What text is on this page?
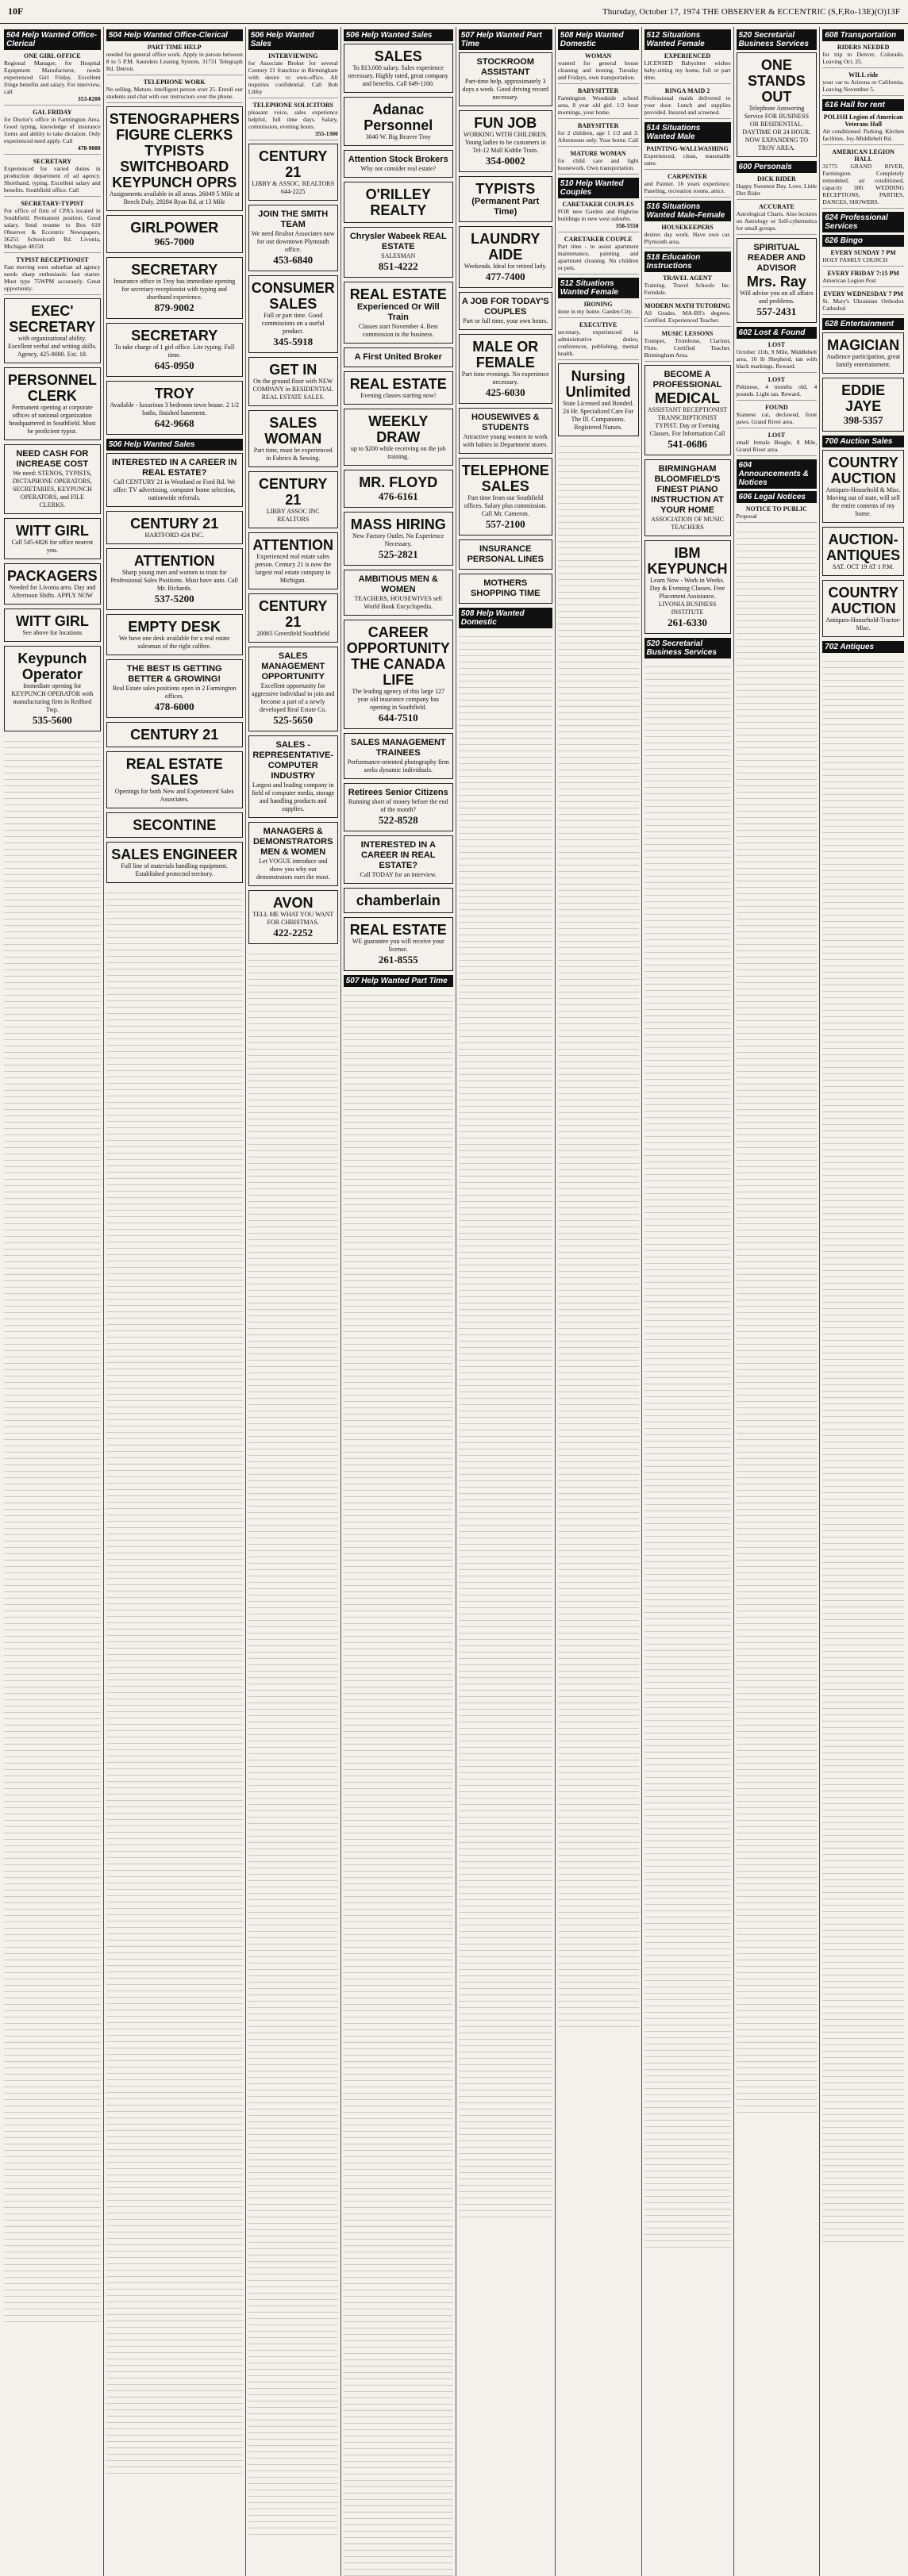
10F	Thursday, October 17, 1974 THE OBSERVER & ECCENTRIC (S,F,Ro-13E)(O)13F
504 Help Wanted Office-Clerical
ONE GIRL OFFICE
Regional Manager, for Hospital Equipment Manufacturer, needs experienced Girl Friday. Excellent fringe benefits and salary. For interview, call
353-8200
GAL FRIDAY
for Doctor's office in Farmington Area. Good typing, knowledge of insurance forms and ability to take dictation. Only experienced need apply. Call
478-9080
SECRETARY
Experienced for varied duties in production department of ad agency. Shorthand, typing. Excellent salary and benefits. Southfield office. Call
SECRETARY-TYPIST
For office of firm of CPA's located in Southfield. Permanent position. Good salary. Send resume to Box 618 Observer & Eccentric Newspapers, 36251 Schoolcraft Rd. Livonia, Michigan 48150.
TYPIST RECEPTIONIST
Fast moving west suburban ad agency needs sharp enthusiastic fast starter. Must type 75WPM accurately. Great opportunity.
EXEC' SECRETARY
with organizational ability. Excellent verbal and writing skills. Agency, 425-8000. Ext. 18.
PERSONNEL CLERK
Permanent opening at corporate offices of national organization headquartered in Southfield. Must be proficient typist.
NEED CASH FOR INCREASE COST
We need: STENOS, TYPISTS, DICTAPHONE OPERATORS, SECRETARIES, KEYPUNCH OPERATORS, and FILE CLERKS.
WITT GIRL
Call 545-6826 for office nearest you.
PACKAGERS
Needed for Livonia area. Day and Afternoon Shifts. APPLY NOW
WITT GIRL
See above for locations
Keypunch Operator
Immediate opening for KEYPUNCH OPERATOR with manufacturing firm in Redford Twp.
535-5600
504 Help Wanted Office-Clerical
PART TIME HELP
needed for general office work. Apply in person between 8 to 5 P.M. Saunders Leasing System, 31731 Telegraph Rd. Detroit.
TELEPHONE WORK
No selling. Mature, intelligent person over 25. Enroll our students and chat with our instructors over the phone.
STENOGRAPHERS
FIGURE CLERKS
TYPISTS
SWITCHBOARD
KEYPUNCH OPRS
Assignments available in all areas. 26049 5 Mile at Beech Daly. 29284 Ryan Rd. at 13 Mile
GIRLPOWER
965-7000
SECRETARY
Insurance office in Troy has immediate opening for secretary-receptionist with typing and shorthand experience.
879-9002
SECRETARY
To take charge of 1 girl office. Lite typing. Full time.
645-0950
TROY
Available - luxurious 3 bedroom town house. 2 1/2 baths, finished basement.
642-9668
506 Help Wanted Sales
INTERESTED IN A CAREER IN REAL ESTATE?
Call CENTURY 21 in Westland or Ford Rd. We offer: TV advertising, computer home selection, nationwide referrals.
CENTURY 21
HARTFORD 424 INC.
ATTENTION
Sharp young men and women to train for Professional Sales Positions. Must have auto. Call Mr. Richards.
537-5200
EMPTY DESK
We have one desk available for a real estate salesman of the right calibre.
THE BEST IS GETTING BETTER & GROWING!
Real Estate sales positions open in 2 Farmington offices.
478-6000
CENTURY 21
REAL ESTATE SALES
Openings for both New and Experienced Sales Associates.
SECONTINE
SALES ENGINEER
Full line of materials handling equipment. Established protected territory.
506 Help Wanted Sales
INTERVIEWING
for Associate Broker for several Century 21 franchise in Birmingham with desire to own-office. All inquiries confidential. Call Bob Libby
TELEPHONE SOLICITORS
pleasant voice, sales experience helpful, full time days. Salary, commission, evening hours.
355-1300
CENTURY 21
LIBBY & ASSOC. REALTORS 644-2225
JOIN THE SMITH TEAM
We need Realtor Associates now for our downtown Plymouth office.
453-6840
CONSUMER SALES
Full or part time. Good commissions on a useful product.
345-5918
GET IN
On the ground floor with NEW COMPANY in RESIDENTIAL REAL ESTATE SALES.
SALES WOMAN
Part time, must be experienced in Fabrics & Sewing.
CENTURY 21
LIBBY ASSOC INC REALTORS
ATTENTION
Experienced real estate sales person. Century 21 is now the largest real estate company in Michigan.
CENTURY 21
20065 Greenfield Southfield
SALES MANAGEMENT OPPORTUNITY
Excellent opportunity for aggressive individual to join and become a part of a newly developed Real Estate Co.
525-5650
SALES -REPRESENTATIVE- COMPUTER INDUSTRY
Largest and leading company in field of computer media, storage and handling products and supplies.
MANAGERS & DEMONSTRATORS MEN & WOMEN
Let VOGUE introduce and show you why our demonstrators earn the most.
AVON
TELL ME WHAT YOU WANT FOR CHRISTMAS.
422-2252
506 Help Wanted Sales
SALES
To $13,000 salary. Sales experience necessary. Highly rated, great company and benefits. Call 649-1100.
Adanac Personnel
3040 W. Big Beaver Troy
Attention Stock Brokers
Why not consider real estate?
O'RILLEY REALTY
Chrysler Wabeek REAL ESTATE
SALESMAN
851-4222
REAL ESTATE
Experienced Or Will Train
Classes start November 4. Best commission in the business.
A First United Broker
REAL ESTATE
Evening classes starting now!
WEEKLY DRAW
up to $200 while receiving on the job training.
MR. FLOYD
476-6161
MASS HIRING
New Factory Outlet. No Experience Necessary.
525-2821
AMBITIOUS MEN & WOMEN
TEACHERS, HOUSEWIVES sell World Book Encyclopedia.
CAREER OPPORTUNITY
THE CANADA LIFE
The leading agency of this large 127 year old insurance company has opening in Southfield.
644-7510
SALES MANAGEMENT TRAINEES
Performance-oriented photography firm seeks dynamic individuals.
Retirees Senior Citizens
Running short of money before the end of the month?
522-8528
INTERESTED IN A CAREER IN REAL ESTATE?
Call TODAY for an interview.
chamberlain
REAL ESTATE
WE guarantee you will receive your license.
261-8555
507 Help Wanted Part Time
507 Help Wanted Part Time
STOCKROOM ASSISTANT
Part-time help, approximately 3 days a week. Good driving record necessary.
FUN JOB
WORKING WITH CHILDREN. Young ladies to be customers in Tel-12 Mall Kiddie Train.
354-0002
TYPISTS
(Permanent Part Time)
LAUNDRY AIDE
Weekends. Ideal for retired lady.
477-7400
A JOB FOR TODAY'S COUPLES
Part or full time, your own hours.
MALE OR FEMALE
Part time evenings. No experience necessary.
425-6030
HOUSEWIVES & STUDENTS
Attractive young women to work with babies in Department stores.
TELEPHONE SALES
Part time from our Southfield offices. Salary plus commission. Call Mr. Cameron.
557-2100
INSURANCE PERSONAL LINES
MOTHERS SHOPPING TIME
508 Help Wanted Domestic
508 Help Wanted Domestic
WOMAN
wanted for general house cleaning and ironing. Tuesday and Fridays, own transportation.
BABYSITTER
Farmington Woodside school area, 8 year old girl. 1/2 hour mornings, your home.
BABYSITTER
for 2 children, age 1 1/2 and 3. Afternoons only. Your home. Call
MATURE WOMAN
for child care and light housework. Own transportation.
510 Help Wanted Couples
CARETAKER COUPLES
FOR new Garden and Highrise buildings in new west suburbs.
358-5550
CARETAKER COUPLE
Part time - to assist apartment maintenance, painting and apartment cleaning. No children or pets.
512 Situations Wanted Female
IRONING
done in my home. Garden City.
EXECUTIVE
secretary, experienced in administrative duties, conferences, publishing, mental health.
Nursing Unlimited
State Licensed and Bonded. 24 Hr. Specialized Care For The Ill. Companions. Registered Nurses.
512 Situations Wanted Female
EXPERIENCED
LICENSED Babysitter wishes baby-sitting my home, full or part time.
RINGA MAID 2
Professional maids delivered to your door. Lunch and supplies provided. Insured and screened.
514 Situations Wanted Male
PAINTING-WALLWASHING
Experienced, clean, reasonable rates.
CARPENTER
and Painter. 16 years experience. Paneling, recreation rooms, attics.
516 Situations Wanted Male-Female
HOUSEKEEPERS
desires day work. Have own car. Plymouth area.
518 Education Instructions
TRAVEL AGENT
Training. Travel Schools Inc. Ferndale.
MODERN MATH TUTORING
All Grades. MA-BS's degrees. Certified. Experienced Teacher.
MUSIC LESSONS
Trumpet, Trombone, Clarinet, Flute. Certified Teacher. Birmingham Area.
BECOME A PROFESSIONAL
MEDICAL
ASSISTANT RECEPTIONIST TRANSCRIPTIONIST TYPIST. Day or Evening Classes. For Information Call
541-0686
BIRMINGHAM BLOOMFIELD'S FINEST PIANO INSTRUCTION AT YOUR HOME
ASSOCIATION OF MUSIC TEACHERS
IBM KEYPUNCH
Learn Now - Work in Weeks. Day & Evening Classes. Free Placement Assistance. LIVONIA BUSINESS INSTITUTE
261-6330
520 Secretarial Business Services
520 Secretarial Business Services
ONE STANDS OUT
Telephone Answering Service FOR BUSINESS OR RESIDENTIAL. DAYTIME OR 24 HOUR. NOW EXPANDING TO TROY AREA.
600 Personals
DICK RIDER
Happy Sweetest Day. Love, Little Dirt Rider
ACCURATE
Astrological Charts. Also lectures on Astrology or Self-cybernetics for small groups.
SPIRITUAL READER AND ADVISOR
Mrs. Ray
Will advise you on all affairs and problems.
557-2431
602 Lost & Found
LOST
October 11th, 9 Mile, Middlebelt area, 10 lb Shepherd, tan with black markings. Reward.
LOST
Pekinese, 4 months old, 4 pounds. Light tan. Reward.
FOUND
Siamese cat, declawed, front paws. Grand River area.
LOST
small female Beagle, 8 Mile, Grand River area.
604 Announcements & Notices
606 Legal Notices
NOTICE TO PUBLIC
Proposal
608 Transportation
RIDERS NEEDED
for trip to Denver, Colorado. Leaving Oct. 25.
WILL ride
your car to Arizona or California. Leaving November 5.
616 Hall for rent
POLISH Legion of American Veterans Hall
Air conditioned. Parking. Kitchen facilities. Joy-Middlebelt Rd.
AMERICAN LEGION HALL
31775 GRAND RIVER, Farmington. Completely remodeled, air conditioned, capacity 300. WEDDING RECEPTIONS, PARTIES, DANCES, SHOWERS.
624 Professional Services
626 Bingo
EVERY SUNDAY 7 PM
HOLY FAMILY CHURCH
EVERY FRIDAY 7:15 PM
American Legion Post
EVERY WEDNESDAY 7 PM
St. Mary's Ukrainian Orthodox Cathedral
628 Entertainment
MAGICIAN
Audience participation, great family entertainment.
EDDIE JAYE
398-5357
700 Auction Sales
COUNTRY AUCTION
Antiques-Household & Misc. Moving out of state, will sell the entire contents of my home.
AUCTION-ANTIQUES
SAT. OCT 19 AT 1 P.M.
COUNTRY AUCTION
Antiques-Household-Tractor-Misc.
702 Antiques
